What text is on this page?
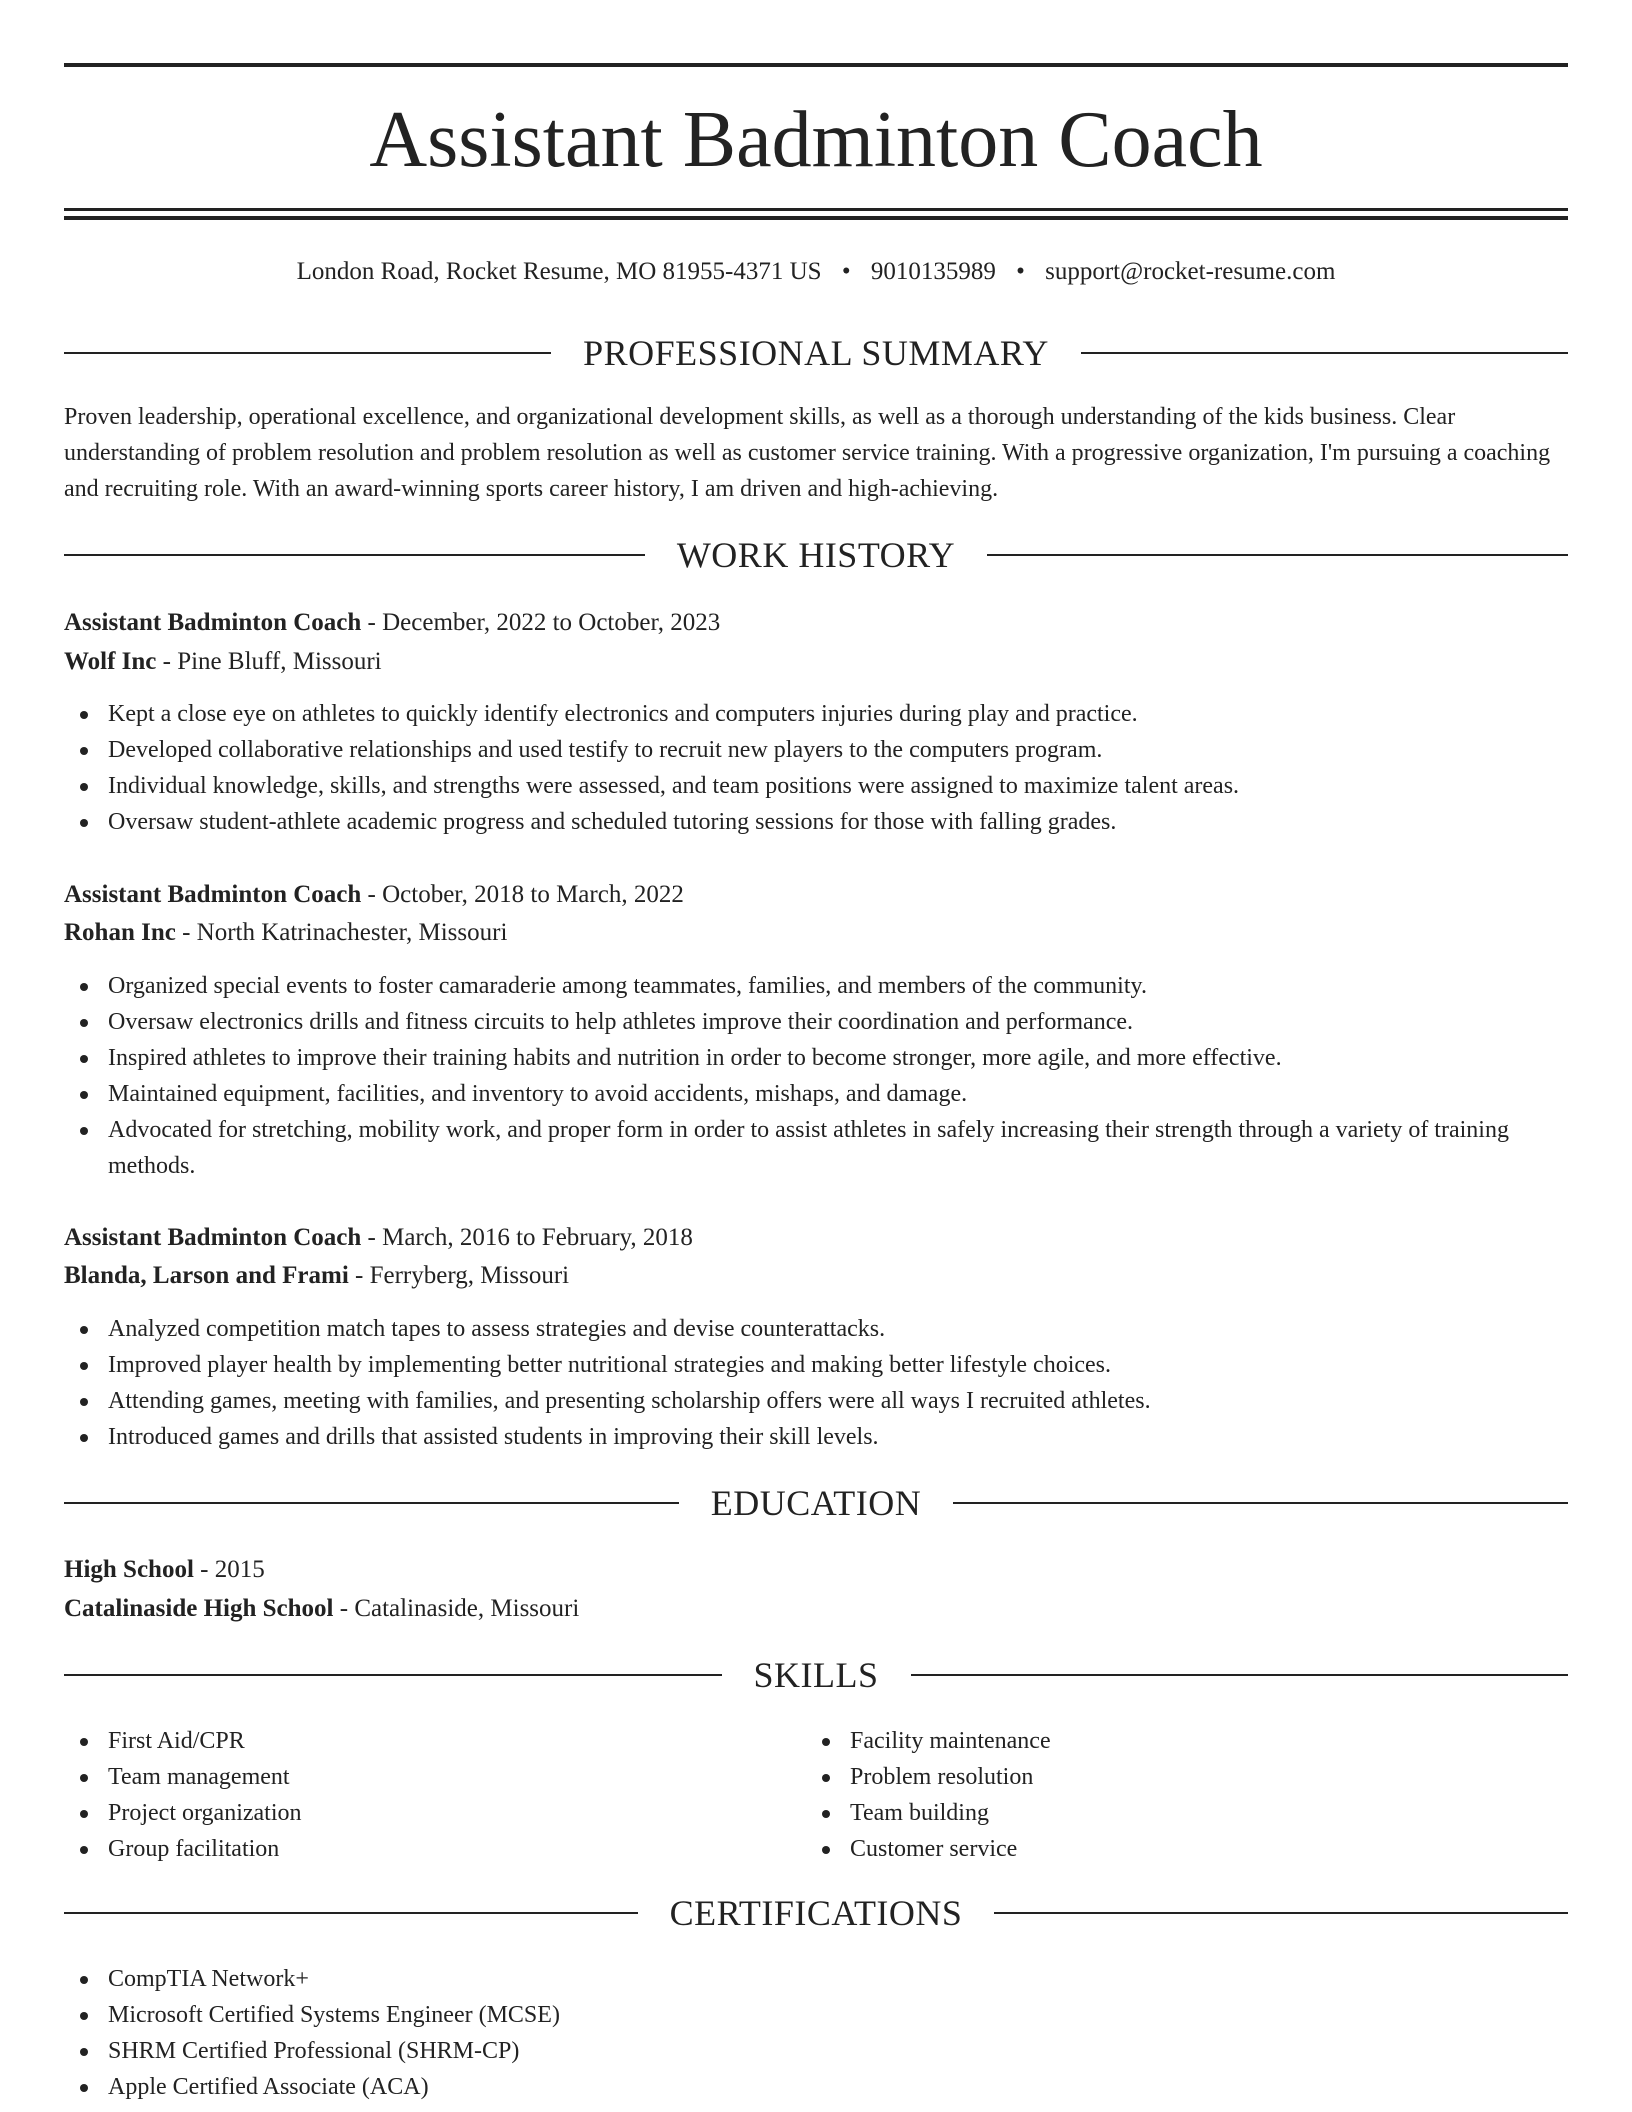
Assistant Badminton Coach
London Road, Rocket Resume, MO 81955-4371 US • 9010135989 • support@rocket-resume.com
PROFESSIONAL SUMMARY

Proven leadership, operational excellence, and organizational development skills, as well as a thorough understanding of the kids business. Clear understanding of problem resolution and problem resolution as well as customer service training. With a progressive organization, I'm pursuing a coaching and recruiting role. With an award-winning sports career history, I am driven and high-achieving.

WORK HISTORY
Assistant Badminton Coach - December, 2022 to October, 2023
Wolf Inc - Pine Bluff, Missouri
Kept a close eye on athletes to quickly identify electronics and computers injuries during play and practice.
Developed collaborative relationships and used testify to recruit new players to the computers program.
Individual knowledge, skills, and strengths were assessed, and team positions were assigned to maximize talent areas.
Oversaw student-athlete academic progress and scheduled tutoring sessions for those with falling grades.
Assistant Badminton Coach - October, 2018 to March, 2022
Rohan Inc - North Katrinachester, Missouri
Organized special events to foster camaraderie among teammates, families, and members of the community.
Oversaw electronics drills and fitness circuits to help athletes improve their coordination and performance.
Inspired athletes to improve their training habits and nutrition in order to become stronger, more agile, and more effective.
Maintained equipment, facilities, and inventory to avoid accidents, mishaps, and damage.
Advocated for stretching, mobility work, and proper form in order to assist athletes in safely increasing their strength through a variety of training methods.
Assistant Badminton Coach - March, 2016 to February, 2018
Blanda, Larson and Frami - Ferryberg, Missouri
Analyzed competition match tapes to assess strategies and devise counterattacks.
Improved player health by implementing better nutritional strategies and making better lifestyle choices.
Attending games, meeting with families, and presenting scholarship offers were all ways I recruited athletes.
Introduced games and drills that assisted students in improving their skill levels.
EDUCATION
High School - 2015
Catalinaside High School - Catalinaside, Missouri
SKILLS
First Aid/CPR
Team management
Project organization
Group facilitation
Facility maintenance
Problem resolution
Team building
Customer service
CERTIFICATIONS
CompTIA Network+
Microsoft Certified Systems Engineer (MCSE)
SHRM Certified Professional (SHRM-CP)
Apple Certified Associate (ACA)
